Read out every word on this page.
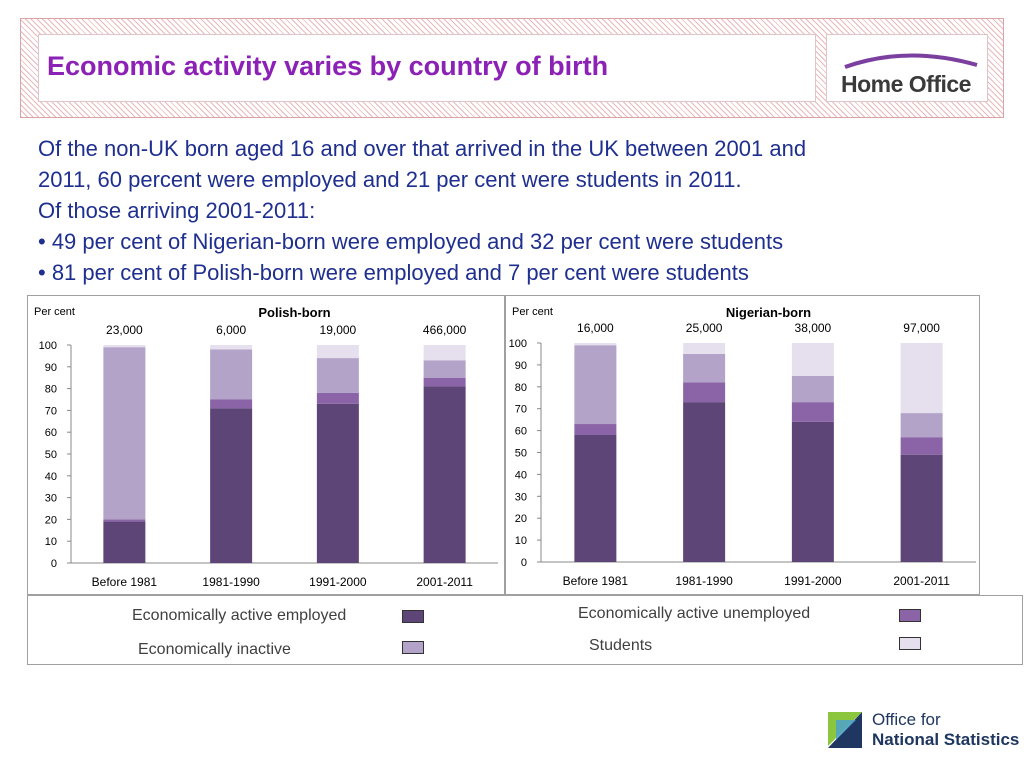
Economic activity varies by country of birth
Home Office
Of the non-UK born aged 16 and over that arrived in the UK between 2001 and
2011, 60 percent were employed and 21 per cent were students in 2011.
Of those arriving 2001-2011:
• 49 per cent of Nigerian-born were employed and 32 per cent were students
• 81 per cent of Polish-born were employed and 7 per cent were students
Polish-born
Per cent
0
10
20
30
40
50
60
70
80
90
100
Before 1981
23,000
1981-1990
6,000
1991-2000
19,000
2001-2011
466,000
Nigerian-born
Per cent
0
10
20
30
40
50
60
70
80
90
100
Before 1981
16,000
1981-1990
25,000
1991-2000
38,000
2001-2011
97,000
Economically active employed	Economically active unemployed
Economically inactive	Students
Office for
National Statistics
